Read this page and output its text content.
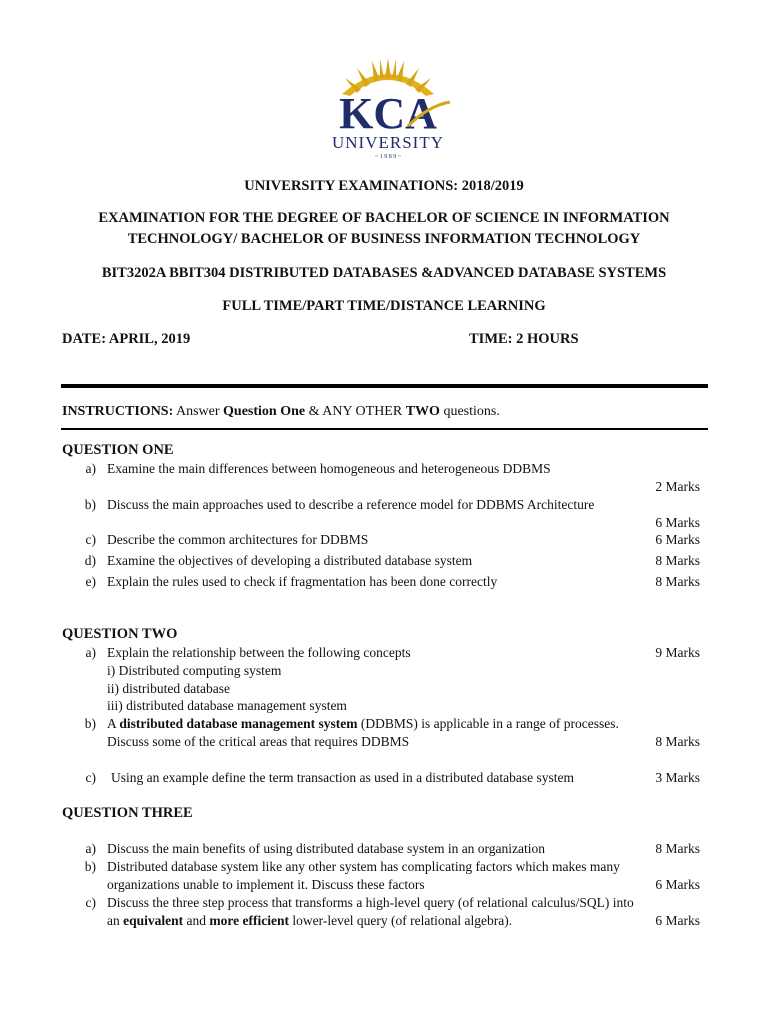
KCA
UNIVERSITY
~ 1 9 8 9 ~
UNIVERSITY EXAMINATIONS: 2018/2019
EXAMINATION FOR THE DEGREE OF BACHELOR OF SCIENCE IN INFORMATION
TECHNOLOGY/ BACHELOR OF BUSINESS INFORMATION TECHNOLOGY
BIT3202A BBIT304 DISTRIBUTED DATABASES &ADVANCED DATABASE SYSTEMS
FULL TIME/PART TIME/DISTANCE LEARNING
DATE: APRIL, 2019	TIME: 2 HOURS
INSTRUCTIONS: Answer Question One & ANY OTHER TWO questions.
QUESTION ONE
a) Examine the main differences between homogeneous and heterogeneous DDBMS
2 Marks
b) Discuss the main approaches used to describe a reference model for DDBMS Architecture
6 Marks
c) Describe the common architectures for DDBMS	6 Marks
d) Examine the objectives of developing a distributed database system	8 Marks
e) Explain the rules used to check if fragmentation has been done correctly	8 Marks
QUESTION TWO
a) Explain the relationship between the following concepts	9 Marks
i) Distributed computing system
ii) distributed database
iii) distributed database management system
b) A distributed database management system (DDBMS) is applicable in a range of processes.
Discuss some of the critical areas that requires DDBMS	8 Marks
c) Using an example define the term transaction as used in a distributed database system	3 Marks
QUESTION THREE
a) Discuss the main benefits of using distributed database system in an organization	8 Marks
b) Distributed database system like any other system has complicating factors which makes many
organizations unable to implement it. Discuss these factors	6 Marks
c) Discuss the three step process that transforms a high-level query (of relational calculus/SQL) into
an equivalent and more efficient lower-level query (of relational algebra).	6 Marks
